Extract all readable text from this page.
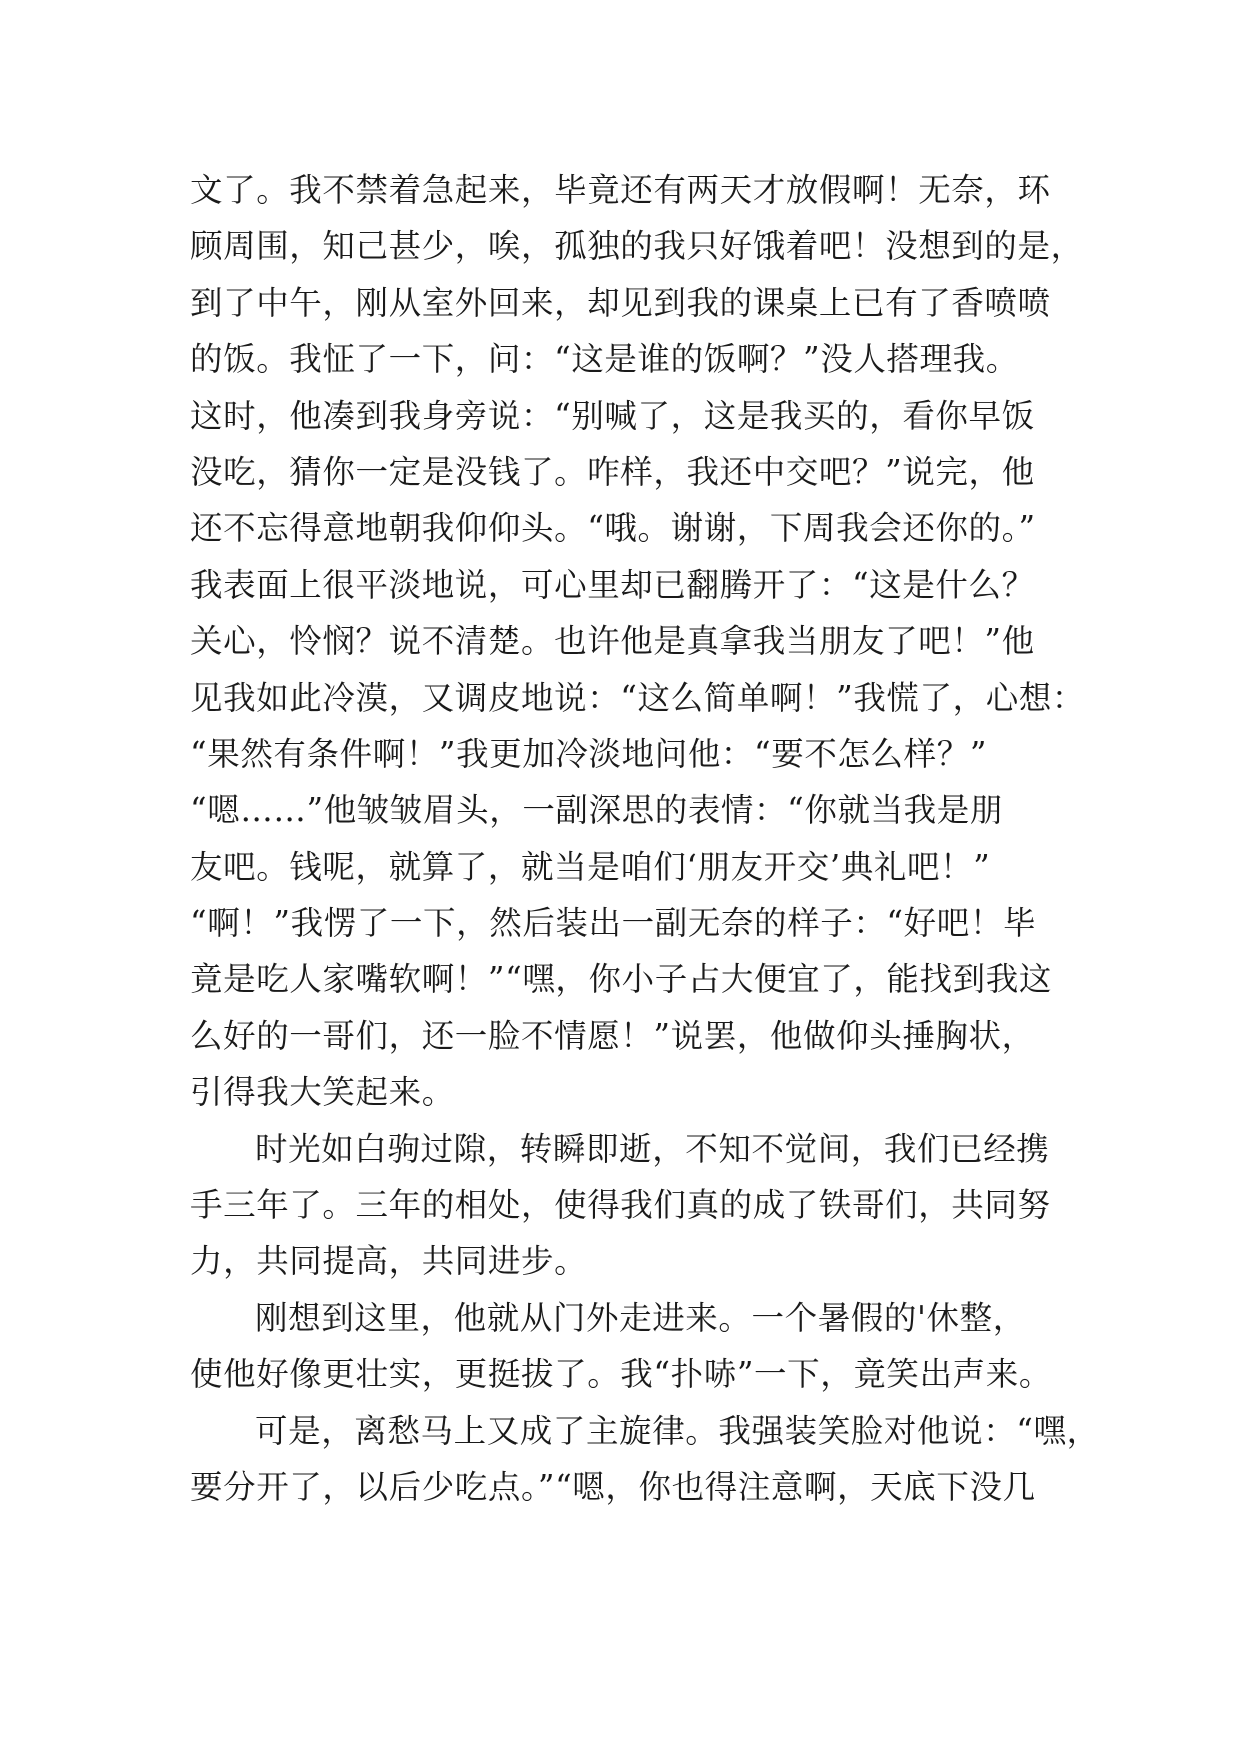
文了。我不禁着急起来，毕竟还有两天才放假啊！无奈，环
顾周围，知己甚少，唉，孤独的我只好饿着吧！没想到的是，
到了中午，刚从室外回来，却见到我的课桌上已有了香喷喷
的饭。我怔了一下，问：“这是谁的饭啊？”没人搭理我。
这时，他凑到我身旁说：“别喊了，这是我买的，看你早饭
没吃，猜你一定是没钱了。咋样，我还中交吧？”说完，他
还不忘得意地朝我仰仰头。“哦。谢谢，下周我会还你的。”
我表面上很平淡地说，可心里却已翻腾开了：“这是什么？
关心，怜悯？说不清楚。也许他是真拿我当朋友了吧！”他
见我如此冷漠，又调皮地说：“这么简单啊！”我慌了，心想：
“果然有条件啊！”我更加冷淡地问他：“要不怎么样？”
“嗯……”他皱皱眉头，一副深思的表情：“你就当我是朋
友吧。钱呢，就算了，就当是咱们‘朋友开交’典礼吧！”
“啊！”我愣了一下，然后装出一副无奈的样子：“好吧！毕
竟是吃人家嘴软啊！”“嘿，你小子占大便宜了，能找到我这
么好的一哥们，还一脸不情愿！”说罢，他做仰头捶胸状，
引得我大笑起来。
时光如白驹过隙，转瞬即逝，不知不觉间，我们已经携
手三年了。三年的相处，使得我们真的成了铁哥们，共同努
力，共同提高，共同进步。
刚想到这里，他就从门外走进来。一个暑假的'休整，
使他好像更壮实，更挺拔了。我“扑哧”一下，竟笑出声来。
可是，离愁马上又成了主旋律。我强装笑脸对他说：“嘿，
要分开了，以后少吃点。”“嗯，你也得注意啊，天底下没几
